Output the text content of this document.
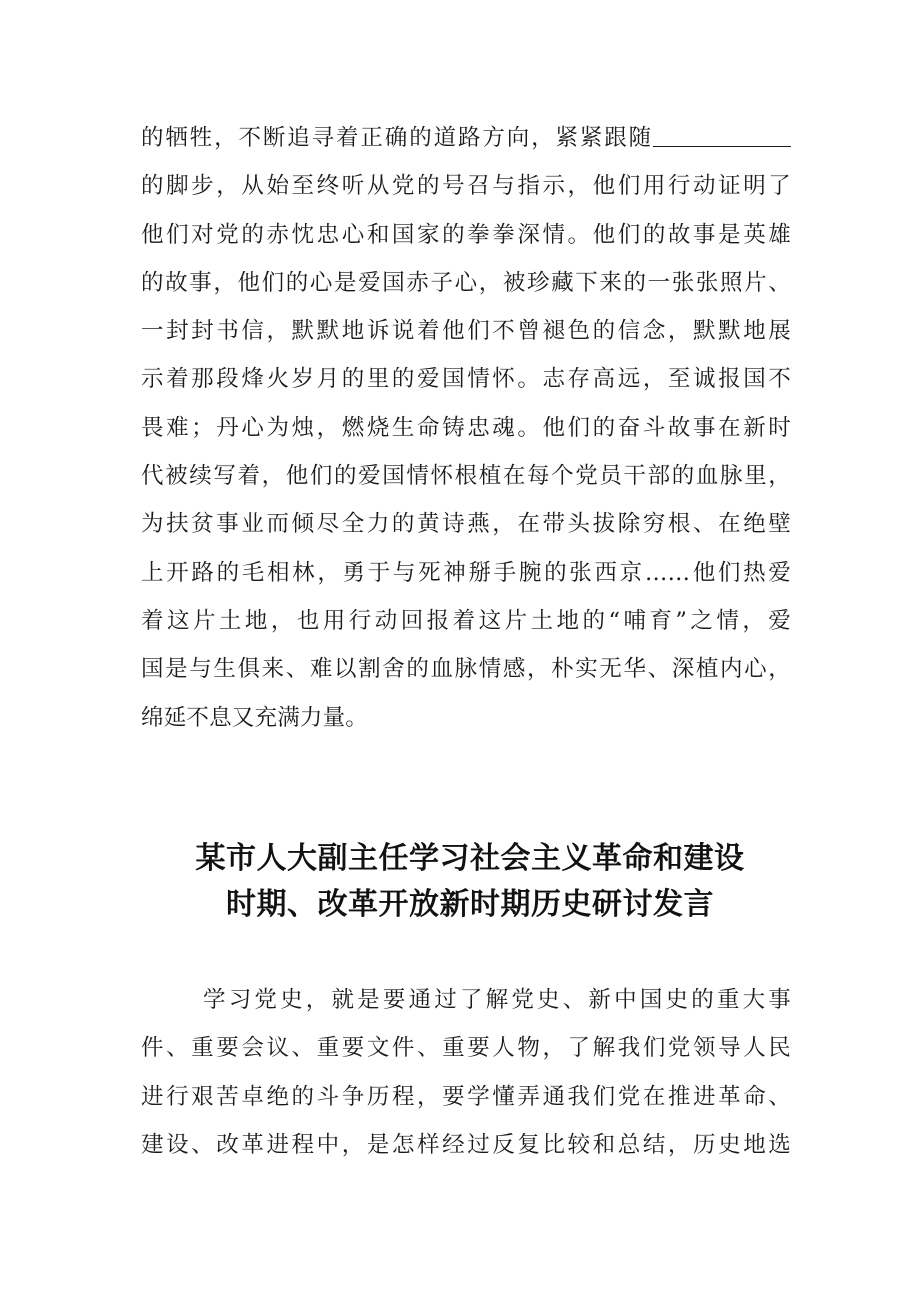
的牺牲，不断追寻着正确的道路方向，紧紧跟随
的脚步，从始至终听从党的号召与指示，他们用行动证明了
他们对党的赤忱忠心和国家的拳拳深情。他们的故事是英雄
的故事，他们的心是爱国赤子心，被珍藏下来的一张张照片、
一封封书信，默默地诉说着他们不曾褪色的信念，默默地展
示着那段烽火岁月的里的爱国情怀。志存高远，至诚报国不
畏难；丹心为烛，燃烧生命铸忠魂。他们的奋斗故事在新时
代被续写着，他们的爱国情怀根植在每个党员干部的血脉里，
为扶贫事业而倾尽全力的黄诗燕，在带头拔除穷根、在绝壁
上开路的毛相林，勇于与死神掰手腕的张西京……他们热爱
着这片土地，也用行动回报着这片土地的“哺育”之情，爱
国是与生俱来、难以割舍的血脉情感，朴实无华、深植内心，
绵延不息又充满力量。
某市人大副主任学习社会主义革命和建设
时期、改革开放新时期历史研讨发言
学习党史，就是要通过了解党史、新中国史的重大事
件、重要会议、重要文件、重要人物，了解我们党领导人民
进行艰苦卓绝的斗争历程，要学懂弄通我们党在推进革命、
建设、改革进程中，是怎样经过反复比较和总结，历史地选
